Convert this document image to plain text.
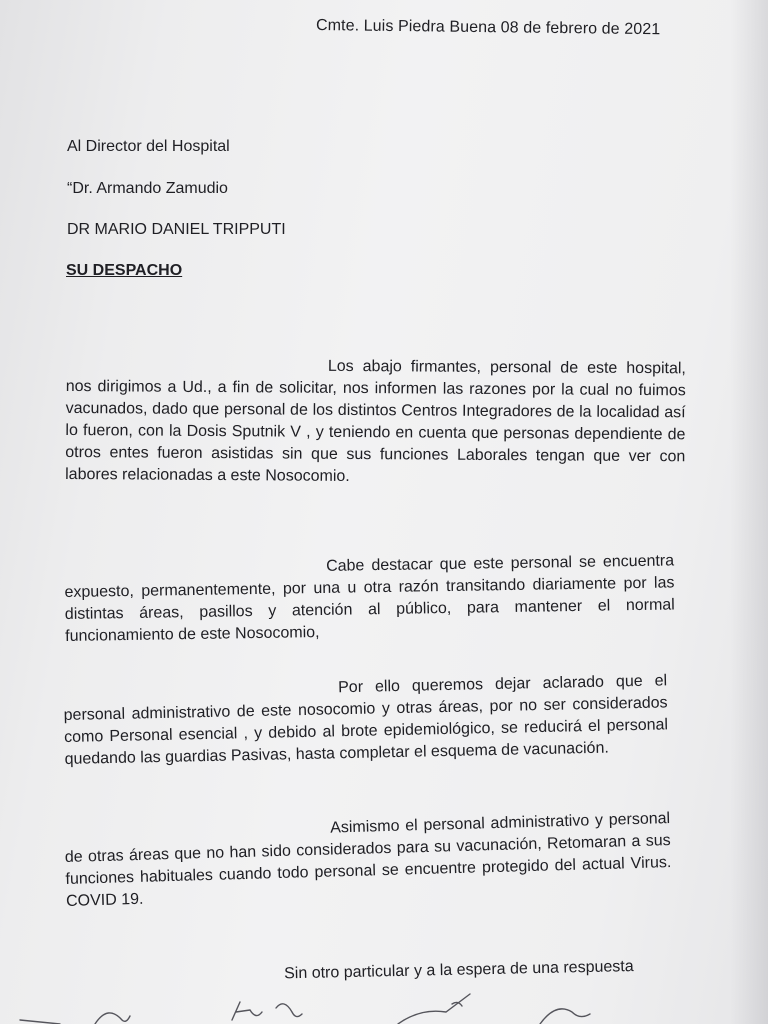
Cmte. Luis Piedra Buena 08 de febrero de 2021
Al Director del Hospital
“Dr. Armando Zamudio
DR MARIO DANIEL TRIPPUTI
SU DESPACHO
Los abajo firmantes, personal de este hospital, nos dirigimos a Ud., a fin de solicitar, nos informen las razones por la cual no fuimos vacunados, dado que personal de los distintos Centros Integradores de la localidad así lo fueron, con la Dosis Sputnik V , y teniendo en cuenta que personas dependiente de otros entes fueron asistidas sin que sus funciones Laborales tengan que ver con labores relacionadas a este Nosocomio.
Cabe destacar que este personal se encuentra expuesto, permanentemente, por una u otra razón transitando diariamente por las distintas áreas, pasillos y atención al público, para mantener el normal funcionamiento de este Nosocomio,
Por ello queremos dejar aclarado que el personal administrativo de este nosocomio y otras áreas, por no ser considerados como Personal esencial , y debido al brote epidemiológico, se reducirá el personal quedando las guardias Pasivas, hasta completar el esquema de vacunación.
Asimismo el personal administrativo y personal de otras áreas que no han sido considerados para su vacunación, Retomaran a sus funciones habituales cuando todo personal se encuentre protegido del actual Virus. COVID 19.
Sin otro particular y a la espera de una respuesta
